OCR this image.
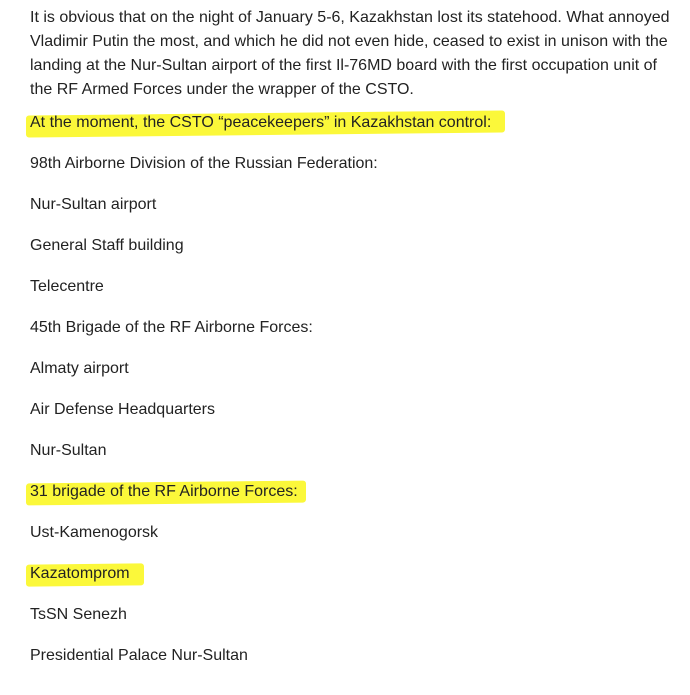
It is obvious that on the night of January 5-6, Kazakhstan lost its statehood. What annoyed Vladimir Putin the most, and which he did not even hide, ceased to exist in unison with the landing at the Nur-Sultan airport of the first Il-76MD board with the first occupation unit of the RF Armed Forces under the wrapper of the CSTO.

At the moment, the CSTO “peacekeepers” in Kazakhstan control:
98th Airborne Division of the Russian Federation:
Nur-Sultan airport
General Staff building
Telecentre
45th Brigade of the RF Airborne Forces:
Almaty airport
Air Defense Headquarters
Nur-Sultan
31 brigade of the RF Airborne Forces:
Ust-Kamenogorsk
Kazatomprom
TsSN Senezh
Presidential Palace Nur-Sultan
